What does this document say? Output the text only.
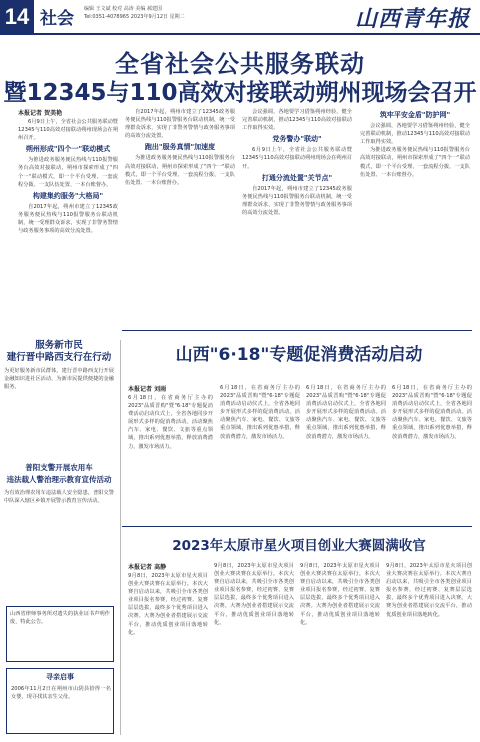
14 社会 编辑 王文斌 校对 高涛 美编 郝建国
Tel:0351-4078965 2023年9月12日 星期二	山西青年报
全省社会公共服务联动
暨12345与110高效对接联动朔州现场会召开
本报记者 贺美艳

6月9日上午，全省社会公共服务联动暨12345与110高效对接联动朔州现场会在朔州召开。

朔州形成"四个一"联动模式

为推进政务服务便民热线与110报警服务台高效对接联动，朔州市探索形成了"四个一"联动模式，即一个平台受理、一套流程分拨、一支队伍处置、一本台账督办。

构建集约服务"大格局"

自2017年起，朔州市建立了12345政务服务便民热线与110报警服务台联动机制，统一受理群众诉求，实现了非警务警情与政务服务事项的高效分流处置。

自2017年起，朔州市建立了12345政务服务便民热线与110报警服务台联动机制，统一受理群众诉求，实现了非警务警情与政务服务事项的高效分流处置。

跑出"服务真情"加速度

为推进政务服务便民热线与110报警服务台高效对接联动，朔州市探索形成了"四个一"联动模式，即一个平台受理、一套流程分拨、一支队伍处置、一本台账督办。

会议强调，各地要学习借鉴朔州经验，健全完善联动机制，推动12345与110高效对接联动工作取得实效。

党务警办"联动"

6月9日上午，全省社会公共服务联动暨12345与110高效对接联动朔州现场会在朔州召开。

打通分流处置"关节点"

自2017年起，朔州市建立了12345政务服务便民热线与110报警服务台联动机制，统一受理群众诉求，实现了非警务警情与政务服务事项的高效分流处置。

筑牢平安金盾"防护网"

会议强调，各地要学习借鉴朔州经验，健全完善联动机制，推动12345与110高效对接联动工作取得实效。

为推进政务服务便民热线与110报警服务台高效对接联动，朔州市探索形成了"四个一"联动模式，即一个平台受理、一套流程分拨、一支队伍处置、一本台账督办。

服务新市民
建行晋中路西支行在行动
为更好服务新市民群体，建行晋中路西支行开展金融知识进社区活动，为新市民提供便捷的金融服务。
普阳支警开展农用车
违法载人警治理示教育宣传活动
为有效治理农用车违法载人安全隐患，普阳交警中队深入辖区乡镇开展警示教育宣传活动。
山西省律师事务所对遗失的执业证书声明作废，特此公告。
寻亲启事
2006年11月2日在朔州市山阴县拾得一名女婴，现寻找其亲生父母。
山西"6·18"专题促消费活动启动
本报记者 刘雨
6月18日，在省商务厅主办的2023"品质晋购"暨"6·18"专题促消费活动启动仪式上，全省各地同步开展形式多样的促消费活动。活动聚焦汽车、家电、餐饮、文旅等重点领域，推出系列优惠举措，释放消费潜力，激发市场活力。
6月18日，在省商务厅主办的2023"品质晋购"暨"6·18"专题促消费活动启动仪式上，全省各地同步开展形式多样的促消费活动。活动聚焦汽车、家电、餐饮、文旅等重点领域，推出系列优惠举措，释放消费潜力，激发市场活力。
6月18日，在省商务厅主办的2023"品质晋购"暨"6·18"专题促消费活动启动仪式上，全省各地同步开展形式多样的促消费活动。活动聚焦汽车、家电、餐饮、文旅等重点领域，推出系列优惠举措，释放消费潜力，激发市场活力。
6月18日，在省商务厅主办的2023"品质晋购"暨"6·18"专题促消费活动启动仪式上，全省各地同步开展形式多样的促消费活动。活动聚焦汽车、家电、餐饮、文旅等重点领域，推出系列优惠举措，释放消费潜力，激发市场活力。
2023年太原市星火项目创业大赛圆满收官
本报记者 高静
9月8日，2023年太原市星火项目创业大赛决赛在太原举行。本次大赛自启动以来，共吸引全市各类创业项目报名参赛，经过初赛、复赛层层选拔，最终多个优秀项目进入决赛。大赛为创业者搭建展示交流平台，推动优质创业项目落地转化。
9月8日，2023年太原市星火项目创业大赛决赛在太原举行。本次大赛自启动以来，共吸引全市各类创业项目报名参赛，经过初赛、复赛层层选拔，最终多个优秀项目进入决赛。大赛为创业者搭建展示交流平台，推动优质创业项目落地转化。
9月8日，2023年太原市星火项目创业大赛决赛在太原举行。本次大赛自启动以来，共吸引全市各类创业项目报名参赛，经过初赛、复赛层层选拔，最终多个优秀项目进入决赛。大赛为创业者搭建展示交流平台，推动优质创业项目落地转化。
9月8日，2023年太原市星火项目创业大赛决赛在太原举行。本次大赛自启动以来，共吸引全市各类创业项目报名参赛，经过初赛、复赛层层选拔，最终多个优秀项目进入决赛。大赛为创业者搭建展示交流平台，推动优质创业项目落地转化。
